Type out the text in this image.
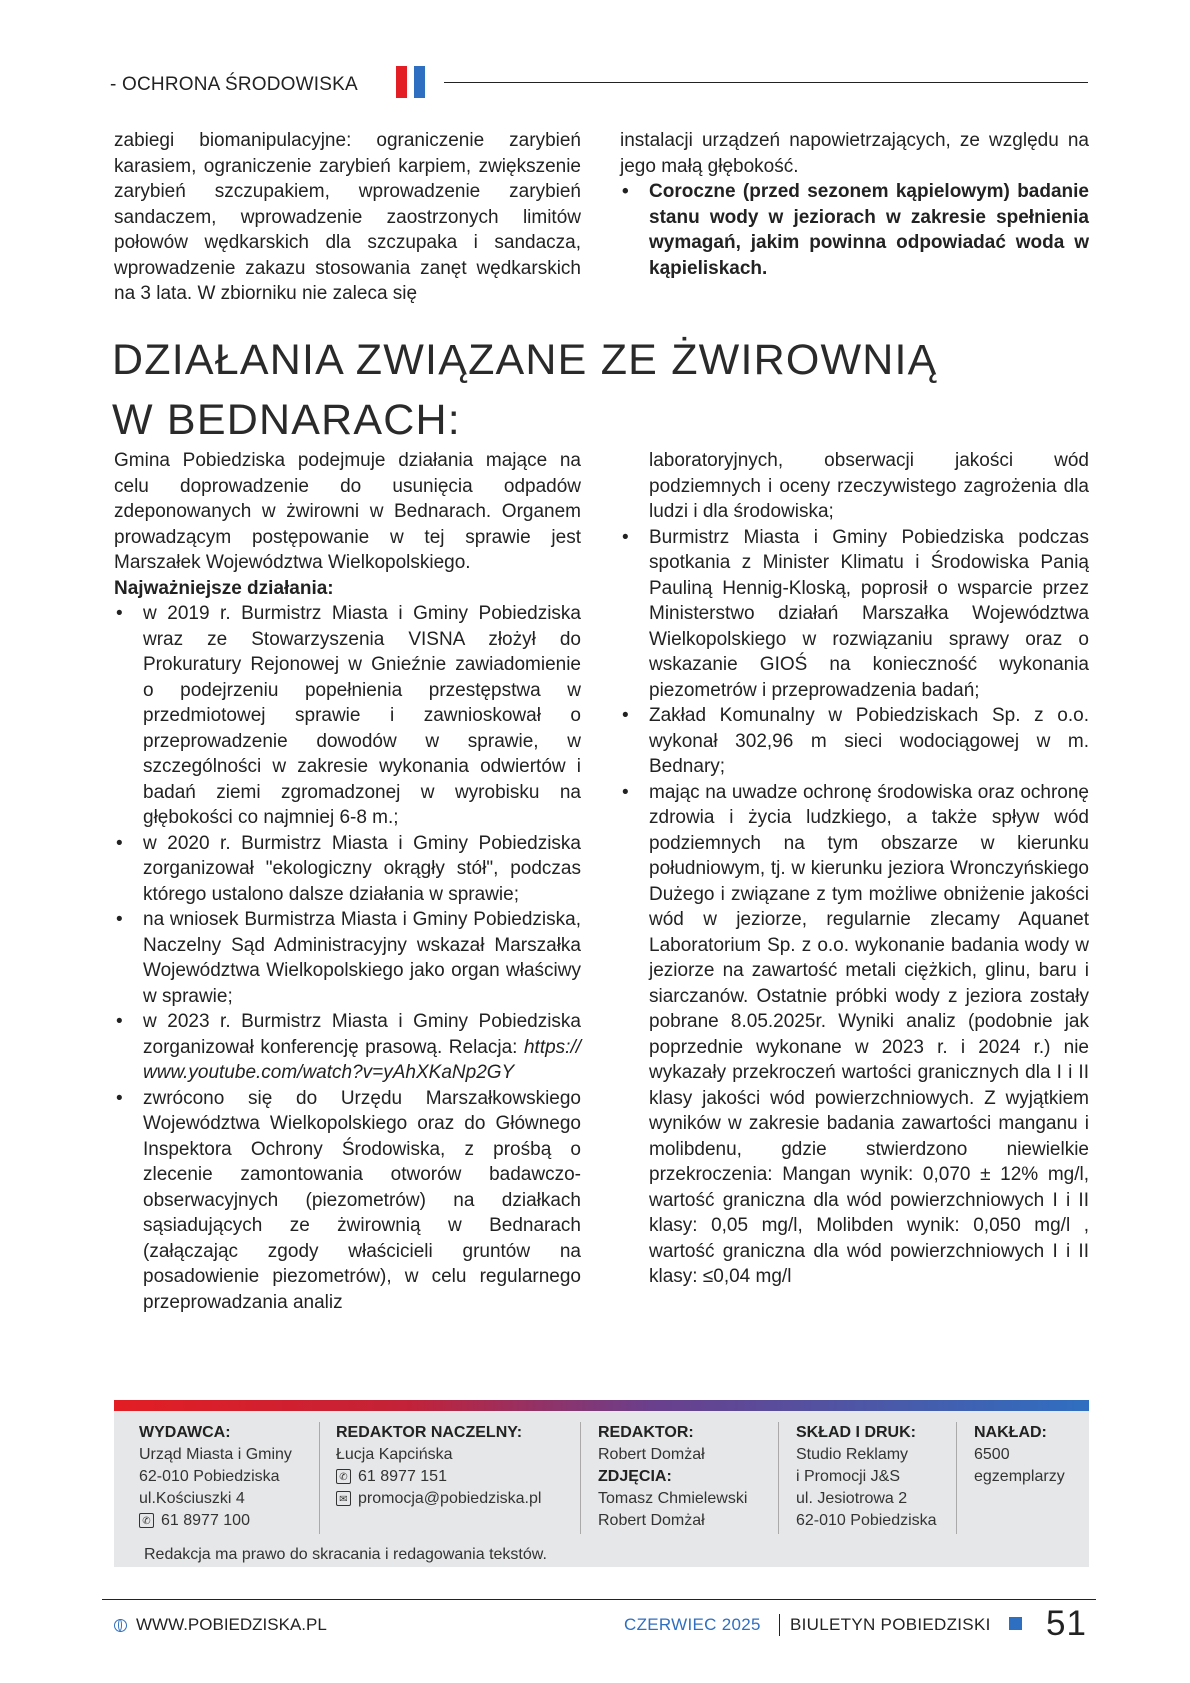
- OCHRONA ŚRODOWISKA

zabiegi biomanipulacyjne: ograniczenie zarybień karasiem, ograniczenie zarybień karpiem, zwiększenie zarybień szczupakiem, wprowadzenie zarybień sandaczem, wprowadzenie zaostrzonych limitów połowów wędkarskich dla szczupaka i sandacza, wprowadzenie zakazu stosowania zanęt wędkarskich na 3 lata. W zbiorniku nie zaleca się

instalacji urządzeń napowietrzających, ze względu na jego małą głębokość.

• Coroczne (przed sezonem kąpielowym) badanie stanu wody w jeziorach w zakresie spełnienia wymagań, jakim powinna odpowiadać woda w kąpieliskach.
DZIAŁANIA ZWIĄZANE ZE ŻWIROWNIĄ
W BEDNARACH:

Gmina Pobiedziska podejmuje działania mające na celu doprowadzenie do usunięcia odpadów zdeponowanych w żwirowni w Bednarach. Organem prowadzącym postępowanie w tej sprawie jest Marszałek Województwa Wielkopolskiego.

Najważniejsze działania:

• w 2019 r. Burmistrz Miasta i Gminy Pobiedziska wraz ze Stowarzyszenia VISNA złożył do Prokuratury Rejonowej w Gnieźnie zawiadomienie o podejrzeniu popełnienia przestępstwa w przedmiotowej sprawie i zawnioskował o przeprowadzenie dowodów w sprawie, w szczególności w zakresie wykonania odwiertów i badań ziemi zgromadzonej w wyrobisku na głębokości co najmniej 6-8 m.;
• w 2020 r. Burmistrz Miasta i Gminy Pobiedziska zorganizował "ekologiczny okrągły stół", podczas którego ustalono dalsze działania w sprawie;
• na wniosek Burmistrza Miasta i Gminy Pobiedziska, Naczelny Sąd Administracyjny wskazał Marszałka Województwa Wielkopolskiego jako organ właściwy w sprawie;
• w 2023 r. Burmistrz Miasta i Gminy Pobiedziska zorganizował konferencję prasową. Relacja: https://www.youtube.com/watch?v=yAhXKaNp2GY
• zwrócono się do Urzędu Marszałkowskiego Województwa Wielkopolskiego oraz do Głównego Inspektora Ochrony Środowiska, z prośbą o zlecenie zamontowania otworów badawczo-obserwacyjnych (piezometrów) na działkach sąsiadujących ze żwirownią w Bednarach (załączając zgody właścicieli gruntów na posadowienie piezometrów), w celu regularnego przeprowadzania analiz

laboratoryjnych, obserwacji jakości wód podziemnych i oceny rzeczywistego zagrożenia dla ludzi i dla środowiska;

• Burmistrz Miasta i Gminy Pobiedziska podczas spotkania z Minister Klimatu i Środowiska Panią Pauliną Hennig-Kloską, poprosił o wsparcie przez Ministerstwo działań Marszałka Województwa Wielkopolskiego w rozwiązaniu sprawy oraz o wskazanie GIOŚ na konieczność wykonania piezometrów i przeprowadzenia badań;
• Zakład Komunalny w Pobiedziskach Sp. z o.o. wykonał 302,96 m sieci wodociągowej w m. Bednary;
• mając na uwadze ochronę środowiska oraz ochronę zdrowia i życia ludzkiego, a także spływ wód podziemnych na tym obszarze w kierunku południowym, tj. w kierunku jeziora Wronczyńskiego Dużego i związane z tym możliwe obniżenie jakości wód w jeziorze, regularnie zlecamy Aquanet Laboratorium Sp. z o.o. wykonanie badania wody w jeziorze na zawartość metali ciężkich, glinu, baru i siarczanów. Ostatnie próbki wody z jeziora zostały pobrane 8.05.2025r. Wyniki analiz (podobnie jak poprzednie wykonane w 2023 r. i 2024 r.) nie wykazały przekroczeń wartości granicznych dla I i II klasy jakości wód powierzchniowych. Z wyjątkiem wyników w zakresie badania zawartości manganu i molibdenu, gdzie stwierdzono niewielkie przekroczenia: Mangan wynik: 0,070 ± 12% mg/l, wartość graniczna dla wód powierzchniowych I i II klasy: 0,05 mg/l, Molibden wynik: 0,050 mg/l , wartość graniczna dla wód powierzchniowych I i II klasy: ≤0,04 mg/l
WYDAWCA:
Urząd Miasta i Gminy
62-010 Pobiedziska
ul.Kościuszki 4
✆ 61 8977 100
REDAKTOR NACZELNY:
Łucja Kapcińska
✆ 61 8977 151
✉ promocja@pobiedziska.pl
REDAKTOR:
Robert Domżał
ZDJĘCIA:
Tomasz Chmielewski
Robert Domżał
SKŁAD I DRUK:
Studio Reklamy
i Promocji J&S
ul. Jesiotrowa 2
62-010 Pobiedziska
NAKŁAD:
6500
egzemplarzy
Redakcja ma prawo do skracania i redagowania tekstów.
WWW.POBIEDZISKA.PL	CZERWIEC 2025 BIULETYN POBIEDZISKI 51
